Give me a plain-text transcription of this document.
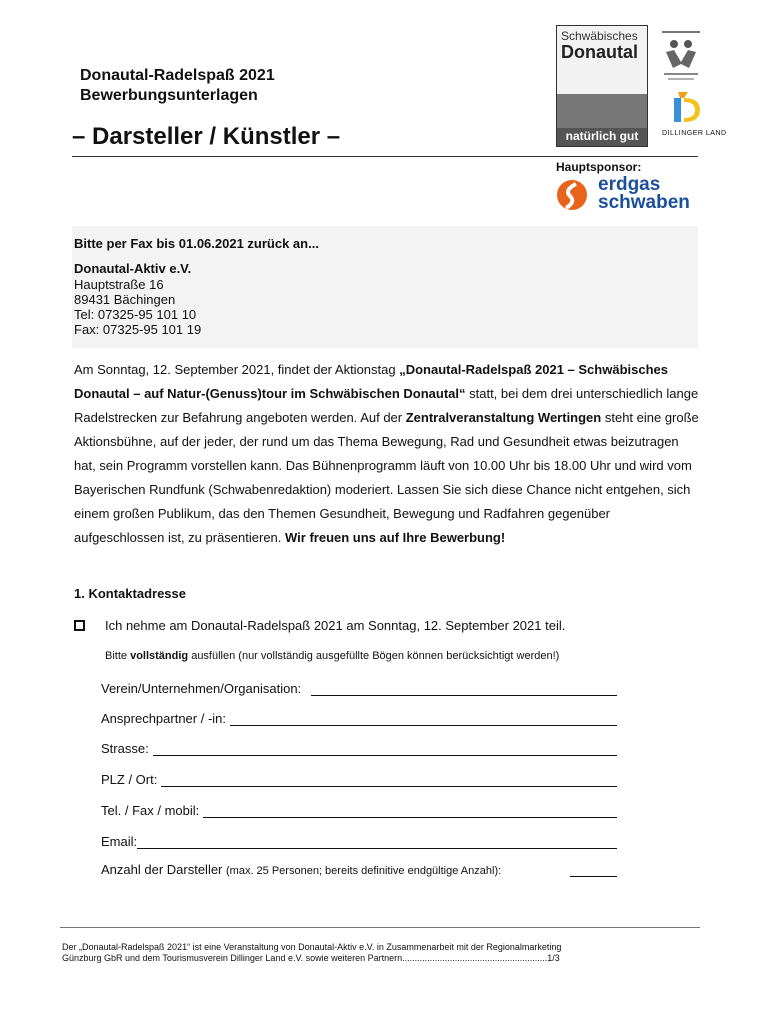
Donautal-Radelspaß 2021
Bewerbungsunterlagen
– Darsteller / Künstler –
Schwäbisches
Donautal
natürlich gut	DILLINGER LAND
Hauptsponsor:
erdgas
schwaben
Bitte per Fax bis 01.06.2021 zurück an...
Donautal-Aktiv e.V.
Hauptstraße 16
89431 Bächingen
Tel: 07325-95 101 10
Fax: 07325-95 101 19

Am Sonntag, 12. September 2021, findet der Aktionstag „Donautal-Radelspaß 2021 – Schwäbisches Donautal – auf Natur-(Genuss)tour im Schwäbischen Donautal“ statt, bei dem drei unterschiedlich lange Radelstrecken zur Befahrung angeboten werden. Auf der Zentralveranstaltung Wertingen steht eine große Aktionsbühne, auf der jeder, der rund um das Thema Bewegung, Rad und Gesundheit etwas beizutragen hat, sein Programm vorstellen kann. Das Bühnenprogramm läuft von 10.00 Uhr bis 18.00 Uhr und wird vom Bayerischen Rundfunk (Schwabenredaktion) moderiert. Lassen Sie sich diese Chance nicht entgehen, sich einem großen Publikum, das den Themen Gesundheit, Bewegung und Radfahren gegenüber aufgeschlossen ist, zu präsentieren. Wir freuen uns auf Ihre Bewerbung!

1. Kontaktadresse
Ich nehme am Donautal-Radelspaß 2021 am Sonntag, 12. September 2021 teil.
Bitte vollständig ausfüllen (nur vollständig ausgefüllte Bögen können berücksichtigt werden!)
Verein/Unternehmen/Organisation:
Ansprechpartner / -in:
Strasse:
PLZ / Ort:
Tel. / Fax / mobil:
Email:
Anzahl der Darsteller (max. 25 Personen; bereits definitive endgültige Anzahl):
Der „Donautal-Radelspaß 2021“ ist eine Veranstaltung von Donautal-Aktiv e.V. in Zusammenarbeit mit der Regionalmarketing
Günzburg GbR und dem Tourismusverein Dillinger Land e.V. sowie weiteren Partnern..........................................................1/3
